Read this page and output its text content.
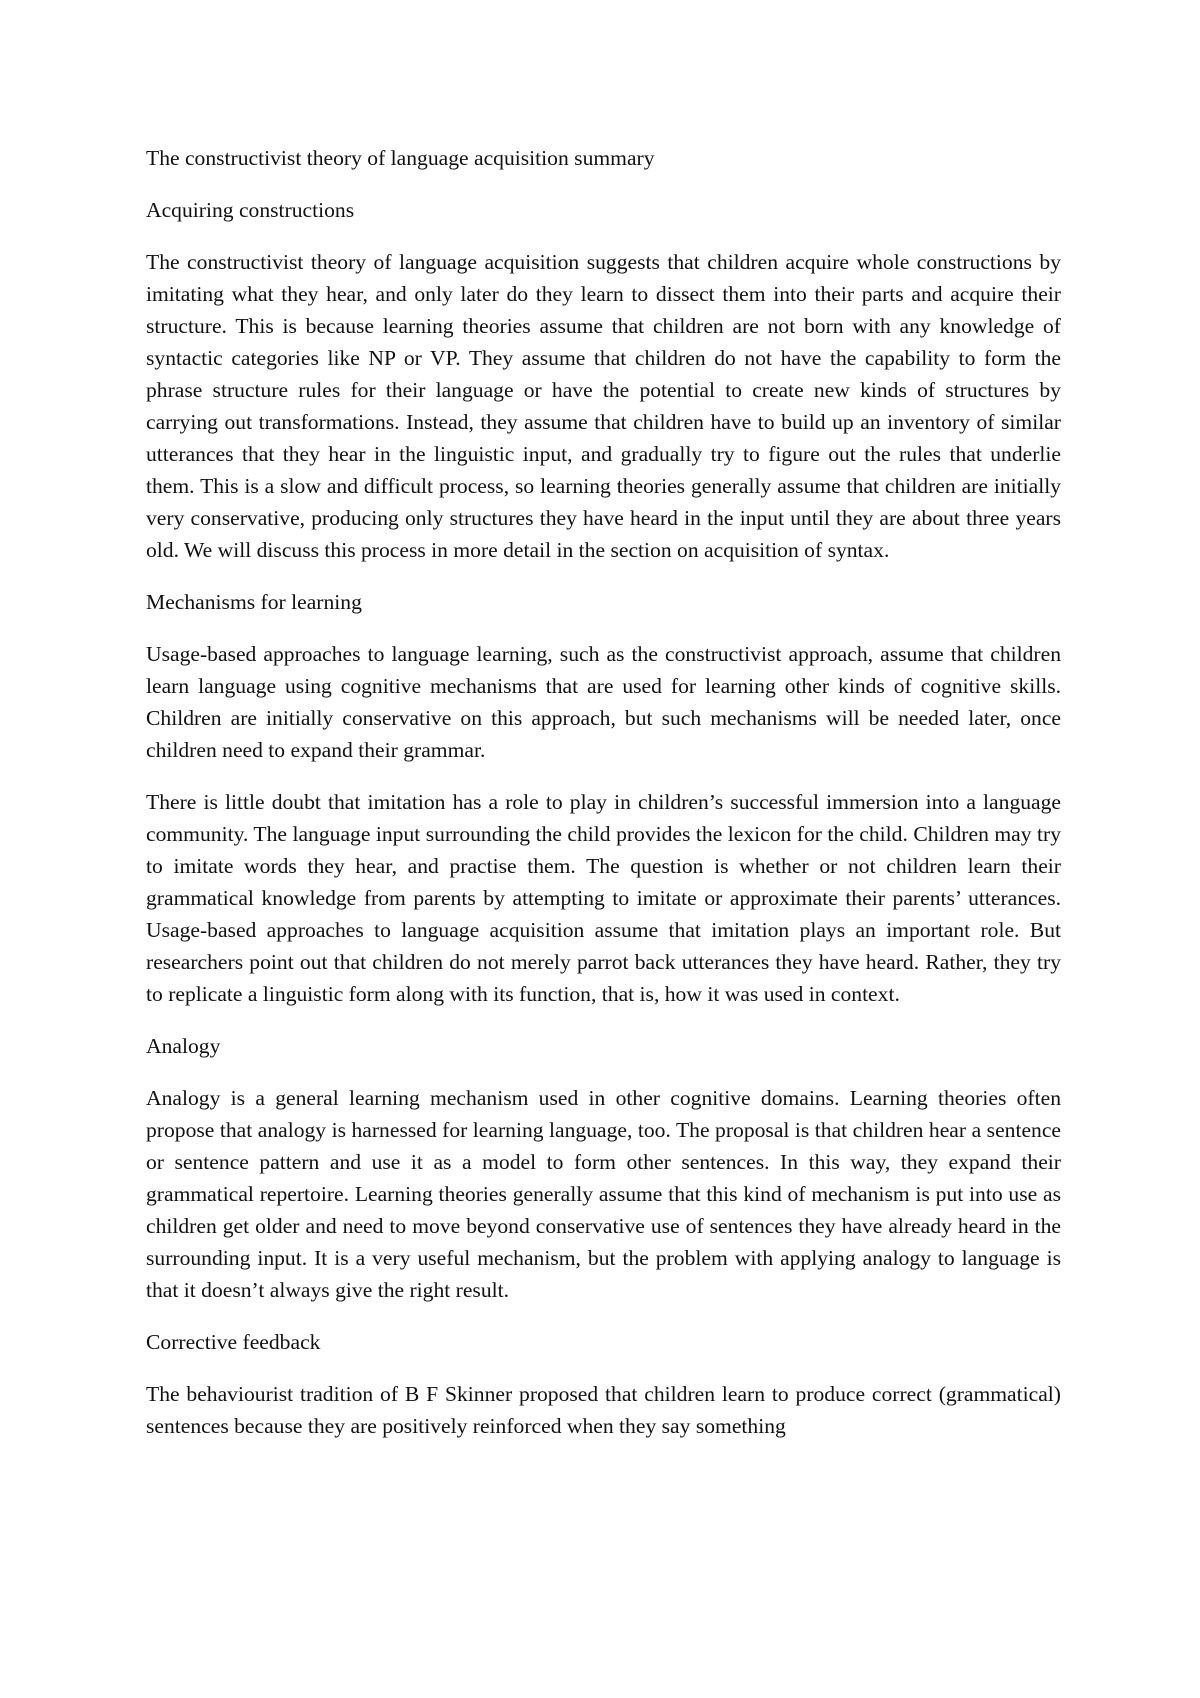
The constructivist theory of language acquisition summary
Acquiring constructions
The constructivist theory of language acquisition suggests that children acquire whole constructions by imitating what they hear, and only later do they learn to dissect them into their parts and acquire their structure. This is because learning theories assume that children are not born with any knowledge of syntactic categories like NP or VP. They assume that children do not have the capability to form the phrase structure rules for their language or have the potential to create new kinds of structures by carrying out transformations. Instead, they assume that children have to build up an inventory of similar utterances that they hear in the linguistic input, and gradually try to figure out the rules that underlie them. This is a slow and difficult process, so learning theories generally assume that children are initially very conservative, producing only structures they have heard in the input until they are about three years old. We will discuss this process in more detail in the section on acquisition of syntax.
Mechanisms for learning
Usage-based approaches to language learning, such as the constructivist approach, assume that children learn language using cognitive mechanisms that are used for learning other kinds of cognitive skills. Children are initially conservative on this approach, but such mechanisms will be needed later, once children need to expand their grammar.
There is little doubt that imitation has a role to play in children’s successful immersion into a language community. The language input surrounding the child provides the lexicon for the child. Children may try to imitate words they hear, and practise them. The question is whether or not children learn their grammatical knowledge from parents by attempting to imitate or approximate their parents’ utterances. Usage-based approaches to language acquisition assume that imitation plays an important role. But researchers point out that children do not merely parrot back utterances they have heard. Rather, they try to replicate a linguistic form along with its function, that is, how it was used in context.
Analogy
Analogy is a general learning mechanism used in other cognitive domains. Learning theories often propose that analogy is harnessed for learning language, too. The proposal is that children hear a sentence or sentence pattern and use it as a model to form other sentences. In this way, they expand their grammatical repertoire. Learning theories generally assume that this kind of mechanism is put into use as children get older and need to move beyond conservative use of sentences they have already heard in the surrounding input. It is a very useful mechanism, but the problem with applying analogy to language is that it doesn’t always give the right result.
Corrective feedback
The behaviourist tradition of B F Skinner proposed that children learn to produce correct (grammatical) sentences because they are positively reinforced when they say something
